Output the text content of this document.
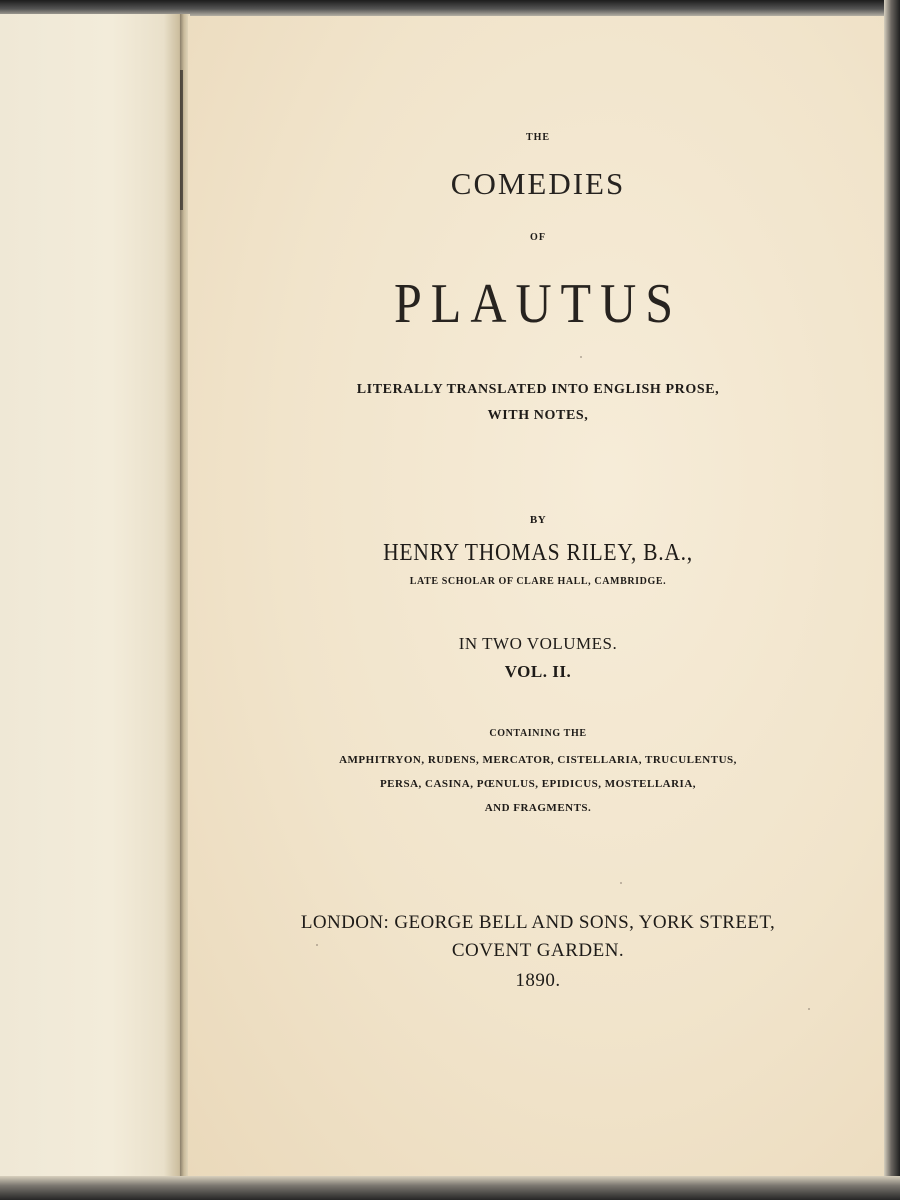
THE
COMEDIES
OF
PLAUTUS
LITERALLY TRANSLATED INTO ENGLISH PROSE,
WITH NOTES,
BY
HENRY THOMAS RILEY, B.A.,
LATE SCHOLAR OF CLARE HALL, CAMBRIDGE.
IN TWO VOLUMES.
VOL. II.
CONTAINING THE
AMPHITRYON, RUDENS, MERCATOR, CISTELLARIA, TRUCULENTUS,
PERSA, CASINA, PŒNULUS, EPIDICUS, MOSTELLARIA,
AND FRAGMENTS.
LONDON: GEORGE BELL AND SONS, YORK STREET,
COVENT GARDEN.
1890.
